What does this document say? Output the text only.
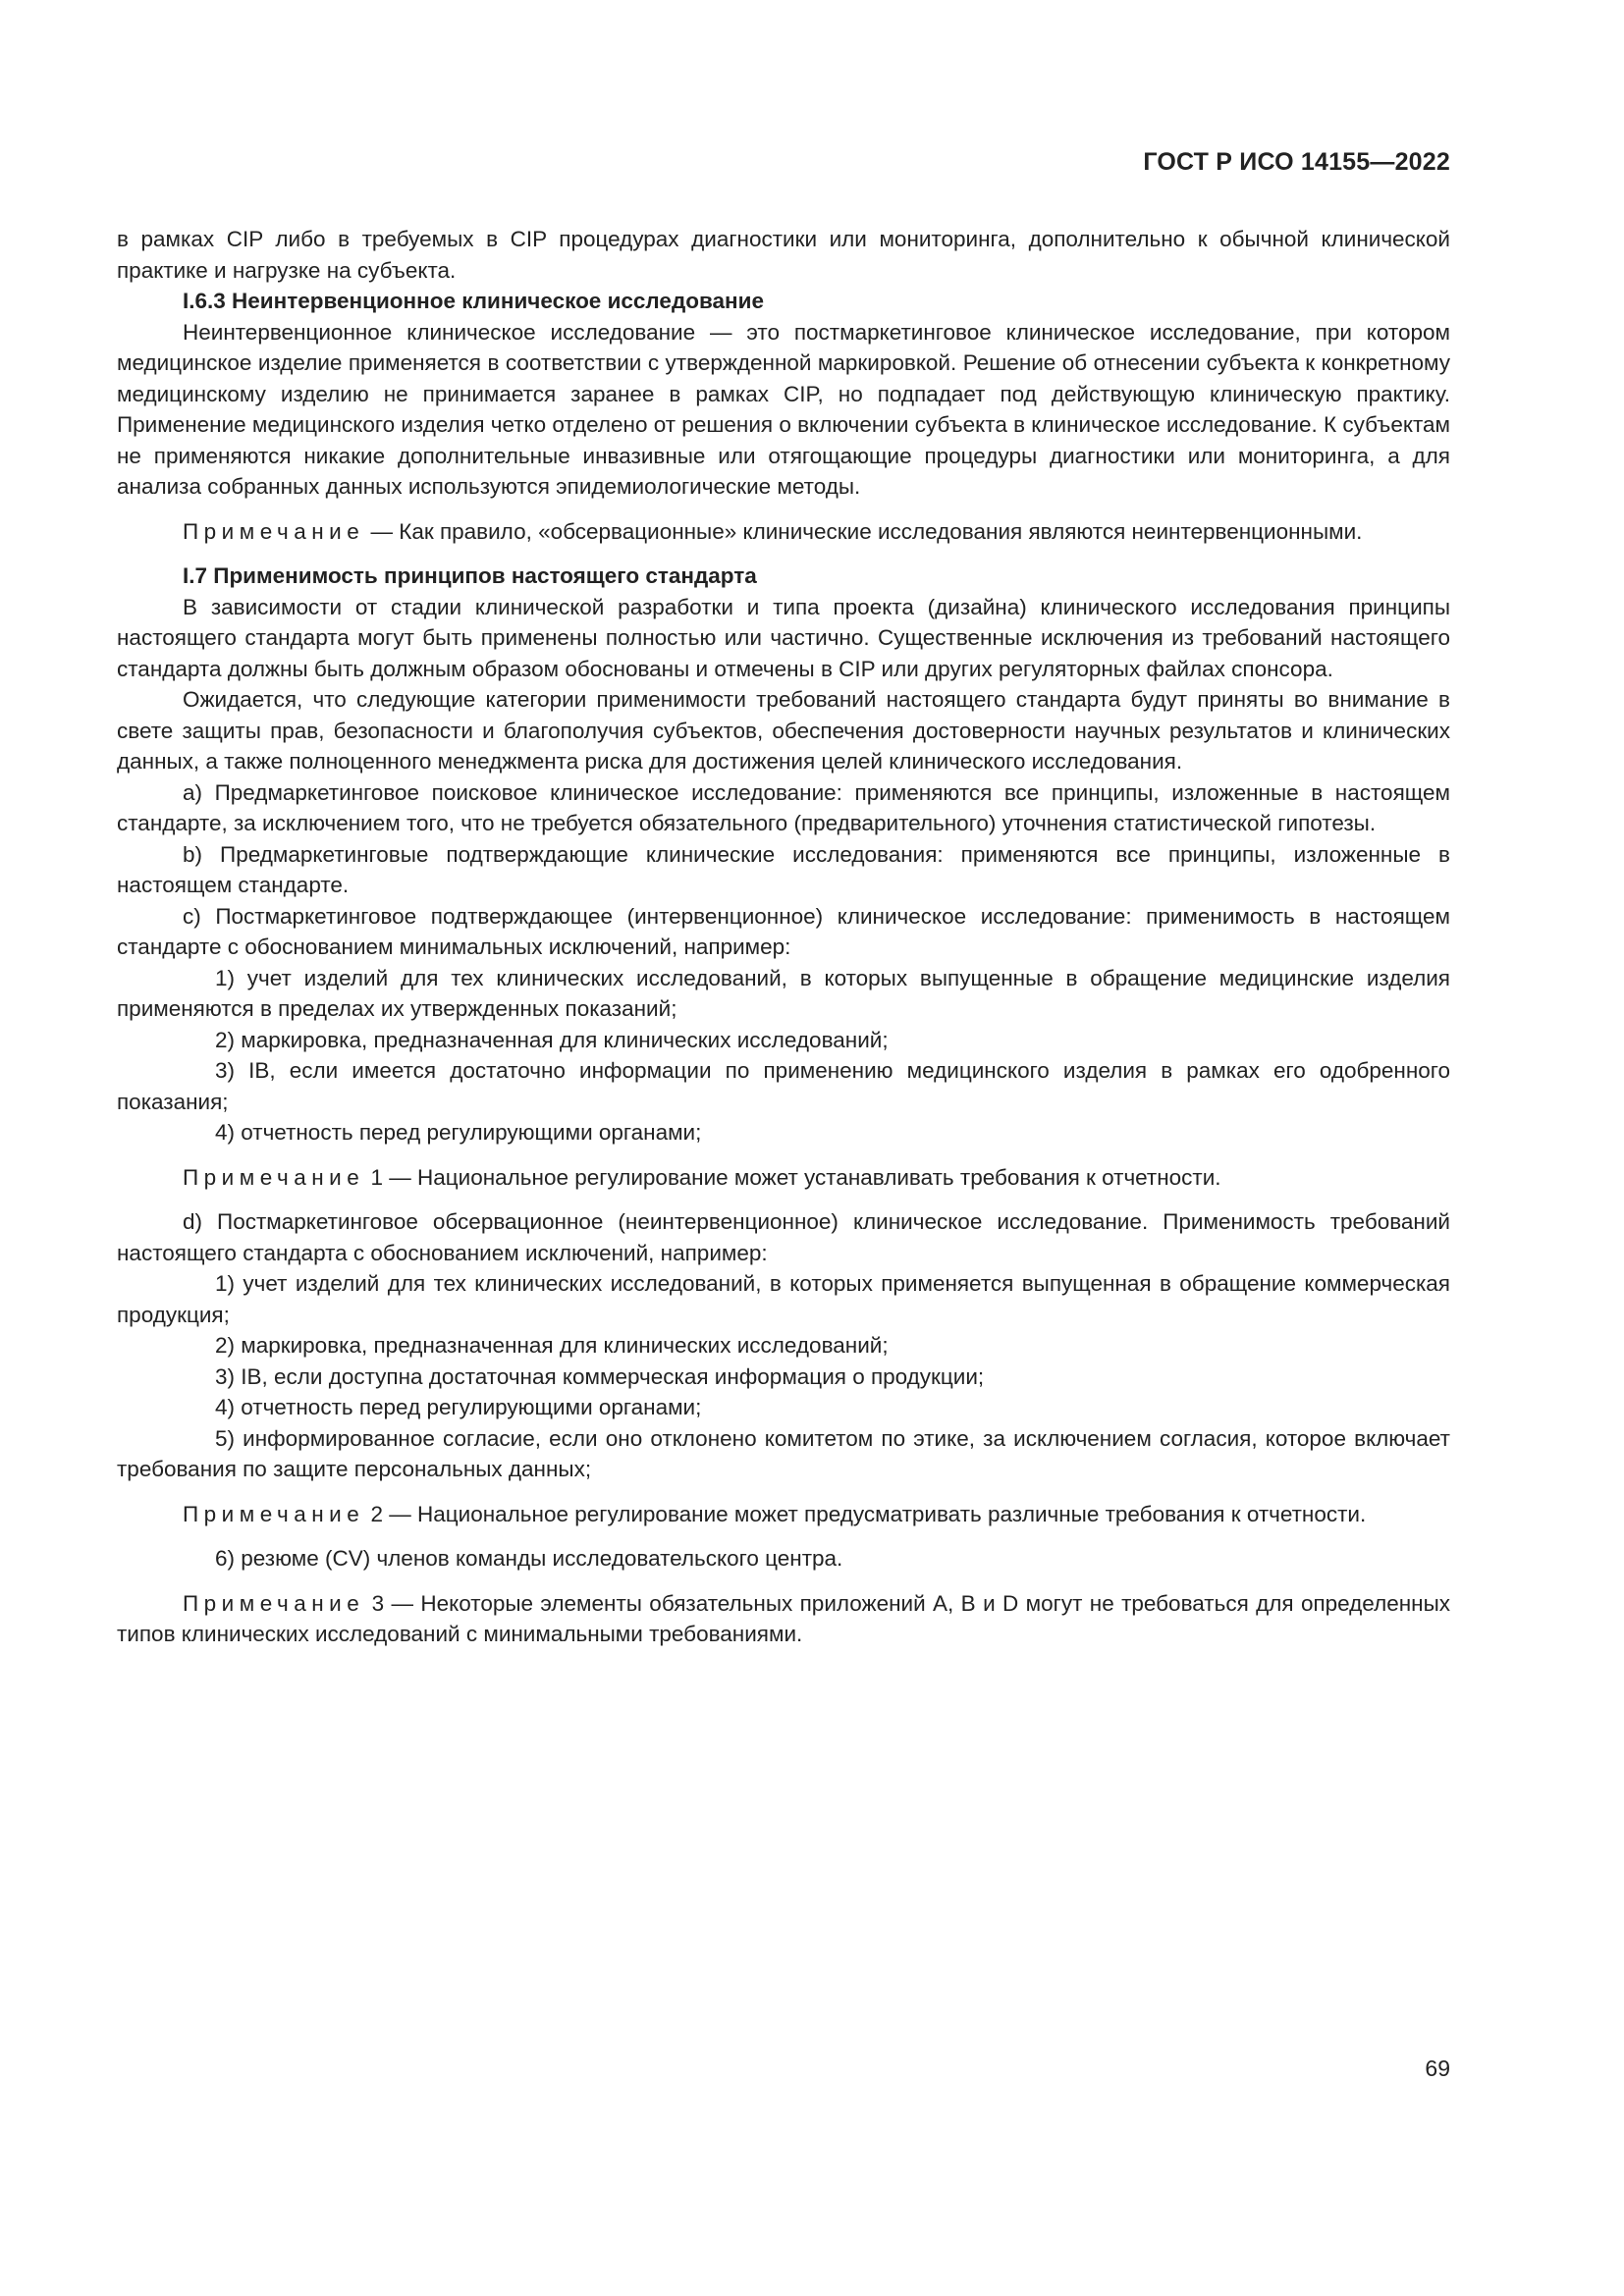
ГОСТ Р ИСО 14155—2022

в рамках CIP либо в требуемых в CIP процедурах диагностики или мониторинга, дополнительно к обычной клинической практике и нагрузке на субъекта.

I.6.3 Неинтервенционное клиническое исследование

Неинтервенционное клиническое исследование — это постмаркетинговое клиническое исследование, при котором медицинское изделие применяется в соответствии с утвержденной маркировкой. Решение об отнесении субъекта к конкретному медицинскому изделию не принимается заранее в рамках CIP, но подпадает под действующую клиническую практику. Применение медицинского изделия четко отделено от решения о включении субъекта в клиническое исследование. К субъектам не применяются никакие дополнительные инвазивные или отягощающие процедуры диагностики или мониторинга, а для анализа собранных данных используются эпидемиологические методы.

Примечание — Как правило, «обсервационные» клинические исследования являются неинтервенционными.

I.7 Применимость принципов настоящего стандарта

В зависимости от стадии клинической разработки и типа проекта (дизайна) клинического исследования принципы настоящего стандарта могут быть применены полностью или частично. Существенные исключения из требований настоящего стандарта должны быть должным образом обоснованы и отмечены в CIP или других регуляторных файлах спонсора.

Ожидается, что следующие категории применимости требований настоящего стандарта будут приняты во внимание в свете защиты прав, безопасности и благополучия субъектов, обеспечения достоверности научных результатов и клинических данных, а также полноценного менеджмента риска для достижения целей клинического исследования.

a) Предмаркетинговое поисковое клиническое исследование: применяются все принципы, изложенные в настоящем стандарте, за исключением того, что не требуется обязательного (предварительного) уточнения статистической гипотезы.

b) Предмаркетинговые подтверждающие клинические исследования: применяются все принципы, изложенные в настоящем стандарте.

c) Постмаркетинговое подтверждающее (интервенционное) клиническое исследование: применимость в настоящем стандарте с обоснованием минимальных исключений, например:

1) учет изделий для тех клинических исследований, в которых выпущенные в обращение медицинские изделия применяются в пределах их утвержденных показаний;

2) маркировка, предназначенная для клинических исследований;

3) IB, если имеется достаточно информации по применению медицинского изделия в рамках его одобренного показания;

4) отчетность перед регулирующими органами;

Примечание 1 — Национальное регулирование может устанавливать требования к отчетности.

d) Постмаркетинговое обсервационное (неинтервенционное) клиническое исследование. Применимость требований настоящего стандарта с обоснованием исключений, например:

1) учет изделий для тех клинических исследований, в которых применяется выпущенная в обращение коммерческая продукция;

2) маркировка, предназначенная для клинических исследований;

3) IB, если доступна достаточная коммерческая информация о продукции;

4) отчетность перед регулирующими органами;

5) информированное согласие, если оно отклонено комитетом по этике, за исключением согласия, которое включает требования по защите персональных данных;

Примечание 2 — Национальное регулирование может предусматривать различные требования к отчетности.

6) резюме (CV) членов команды исследовательского центра.

Примечание 3 — Некоторые элементы обязательных приложений A, B и D могут не требоваться для определенных типов клинических исследований с минимальными требованиями.

69
